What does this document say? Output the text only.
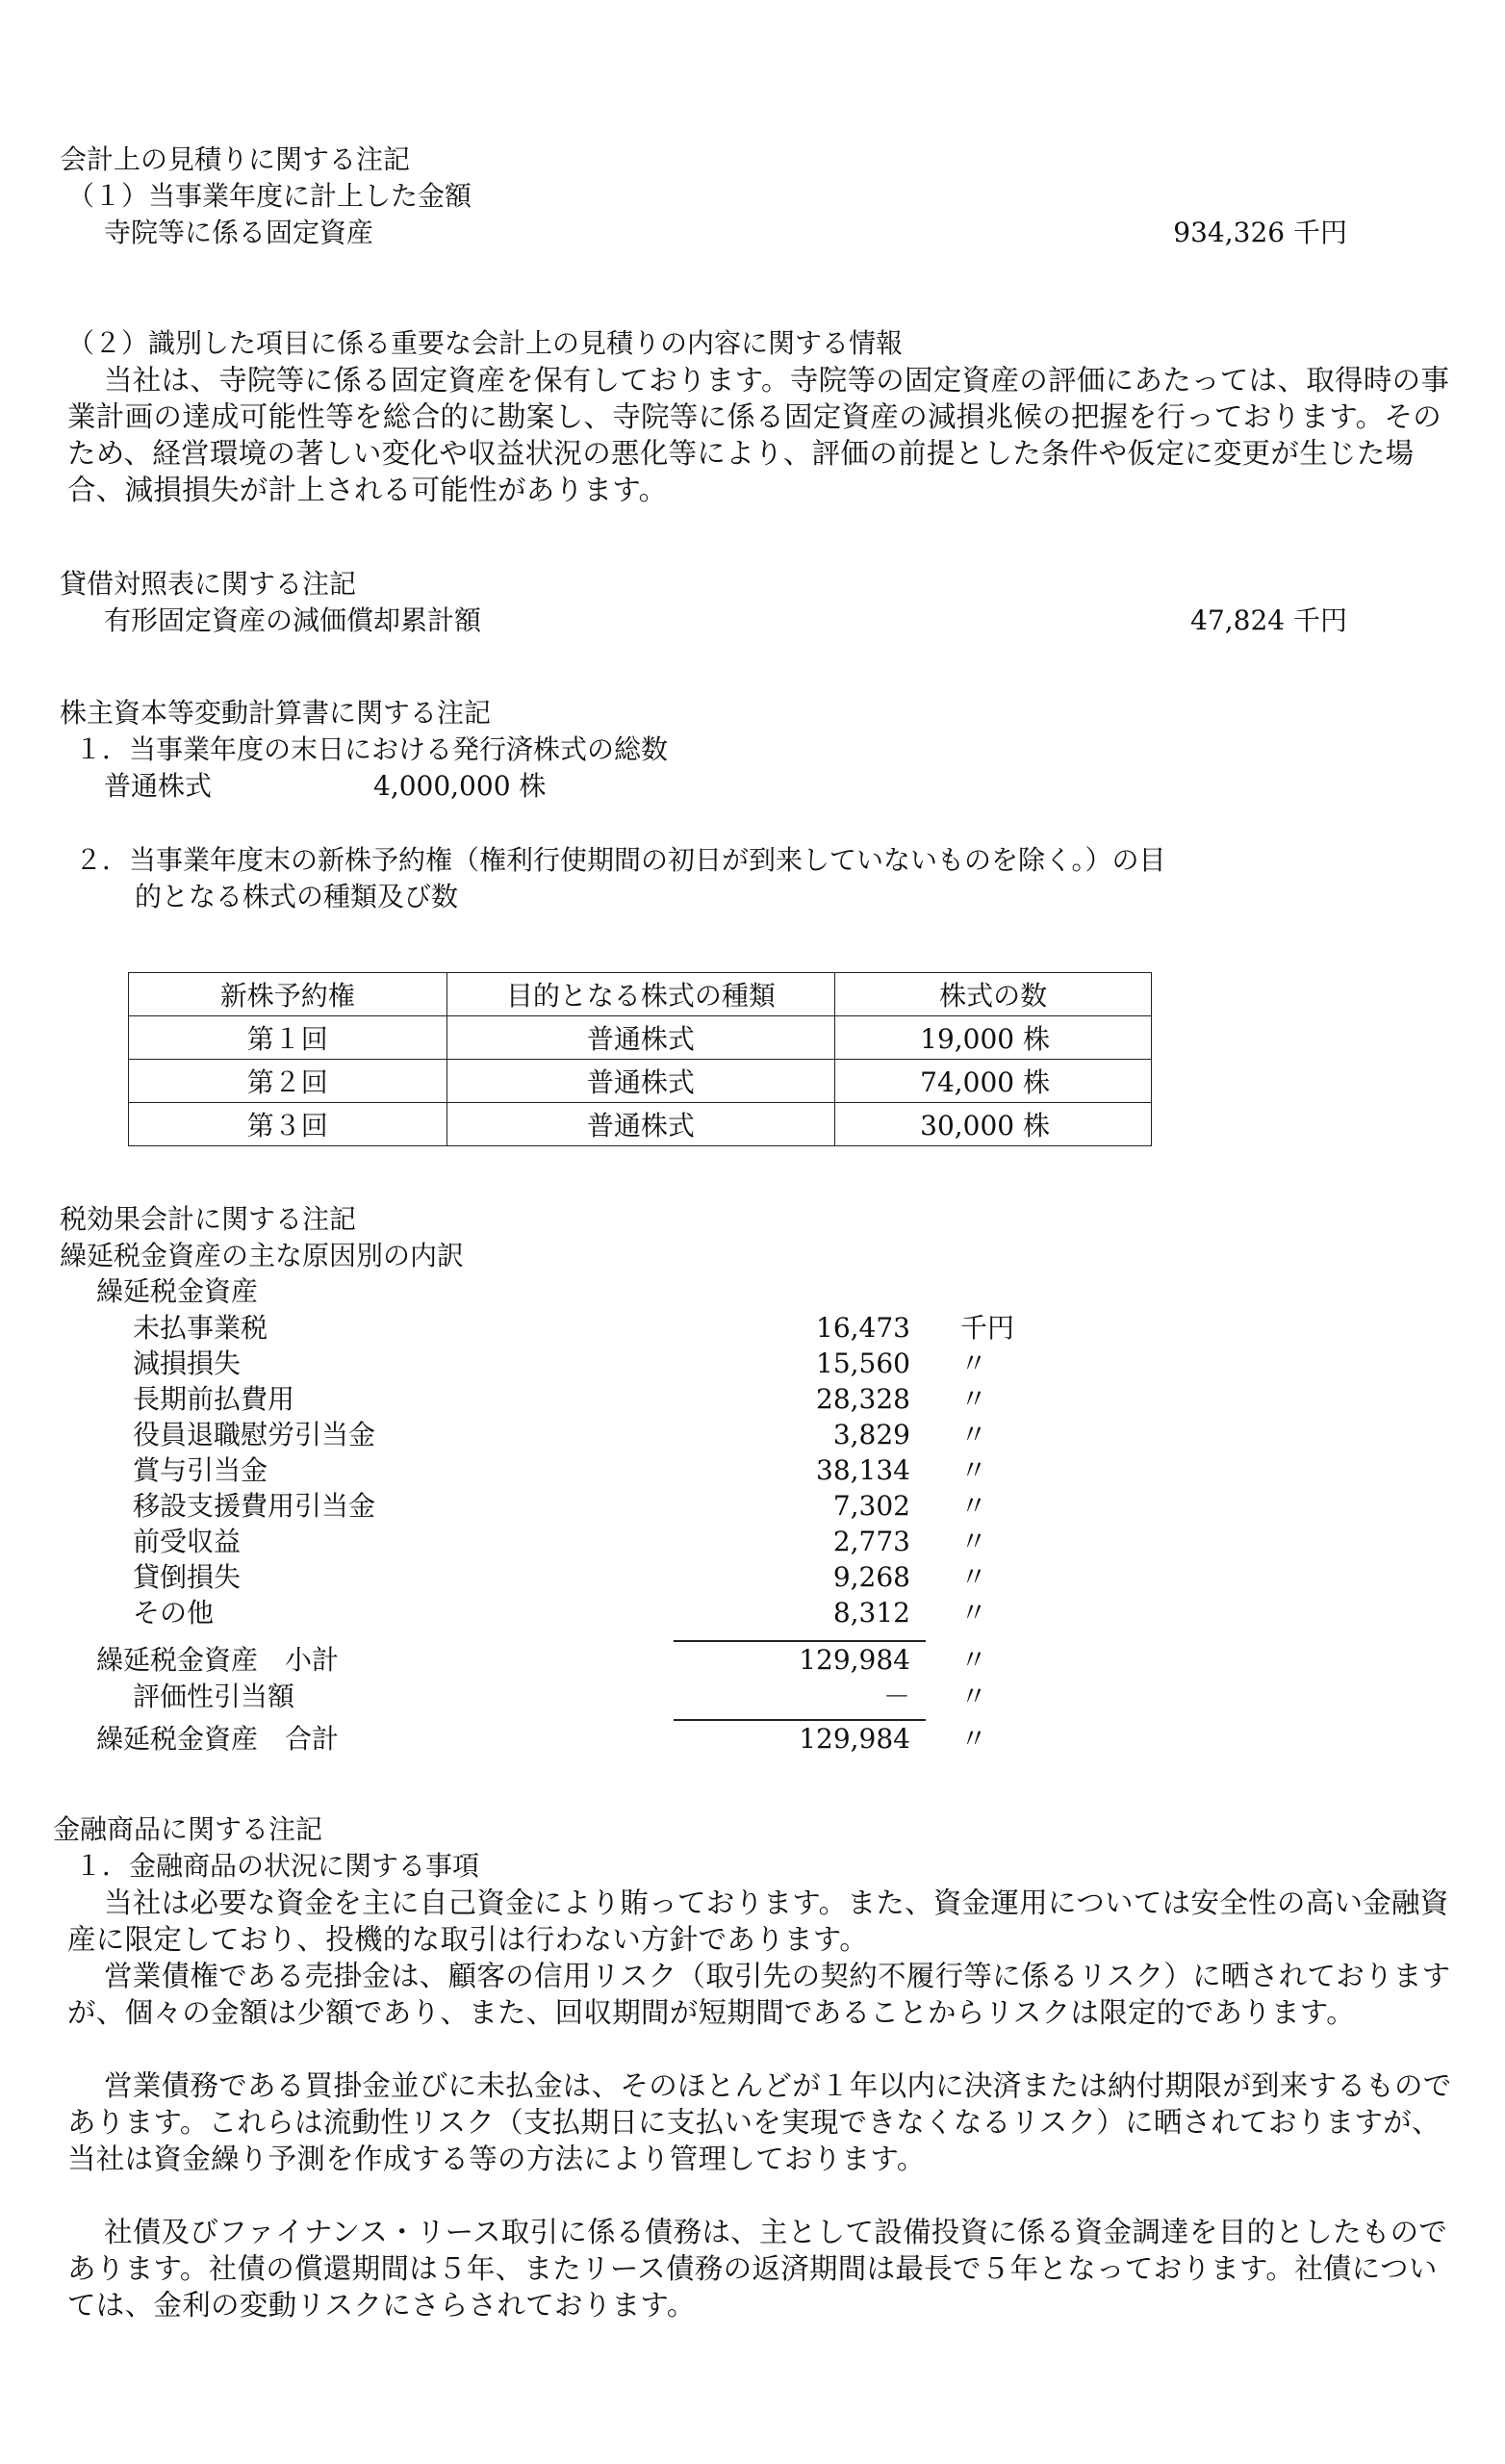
会計上の見積りに関する注記
（１）当事業年度に計上した金額
寺院等に係る固定資産	934,326 千円
（２）識別した項目に係る重要な会計上の見積りの内容に関する情報
当社は、寺院等に係る固定資産を保有しております。寺院等の固定資産の評価にあたっては、取得時の事業計画の達成可能性等を総合的に勘案し、寺院等に係る固定資産の減損兆候の把握を行っております。そのため、経営環境の著しい変化や収益状況の悪化等により、評価の前提とした条件や仮定に変更が生じた場合、減損損失が計上される可能性があります。
貸借対照表に関する注記
有形固定資産の減価償却累計額	47,824 千円
株主資本等変動計算書に関する注記
１．当事業年度の末日における発行済株式の総数
普通株式	4,000,000 株
２．当事業年度末の新株予約権（権利行使期間の初日が到来していないものを除く。）の目
的となる株式の種類及び数
新株予約権	目的となる株式の種類	株式の数
第１回	普通株式	19,000 株
第２回	普通株式	74,000 株
第３回	普通株式	30,000 株
税効果会計に関する注記
繰延税金資産の主な原因別の内訳
繰延税金資産
未払事業税	16,473 千円
減損損失	15,560 〃
長期前払費用	28,328 〃
役員退職慰労引当金	3,829 〃
賞与引当金	38,134 〃
移設支援費用引当金	7,302 〃
前受収益	2,773 〃
貸倒損失	9,268 〃
その他	8,312 〃
繰延税金資産　小計	129,984 〃
評価性引当額	－ 〃
繰延税金資産　合計	129,984 〃
金融商品に関する注記
１．金融商品の状況に関する事項
当社は必要な資金を主に自己資金により賄っております。また、資金運用については安全性の高い金融資産に限定しており、投機的な取引は行わない方針であります。
営業債権である売掛金は、顧客の信用リスク（取引先の契約不履行等に係るリスク）に晒されておりますが、個々の金額は少額であり、また、回収期間が短期間であることからリスクは限定的であります。
営業債務である買掛金並びに未払金は、そのほとんどが１年以内に決済または納付期限が到来するものであります。これらは流動性リスク（支払期日に支払いを実現できなくなるリスク）に晒されておりますが、当社は資金繰り予測を作成する等の方法により管理しております。
社債及びファイナンス・リース取引に係る債務は、主として設備投資に係る資金調達を目的としたものであります。社債の償還期間は５年、またリース債務の返済期間は最長で５年となっております。社債については、金利の変動リスクにさらされております。
